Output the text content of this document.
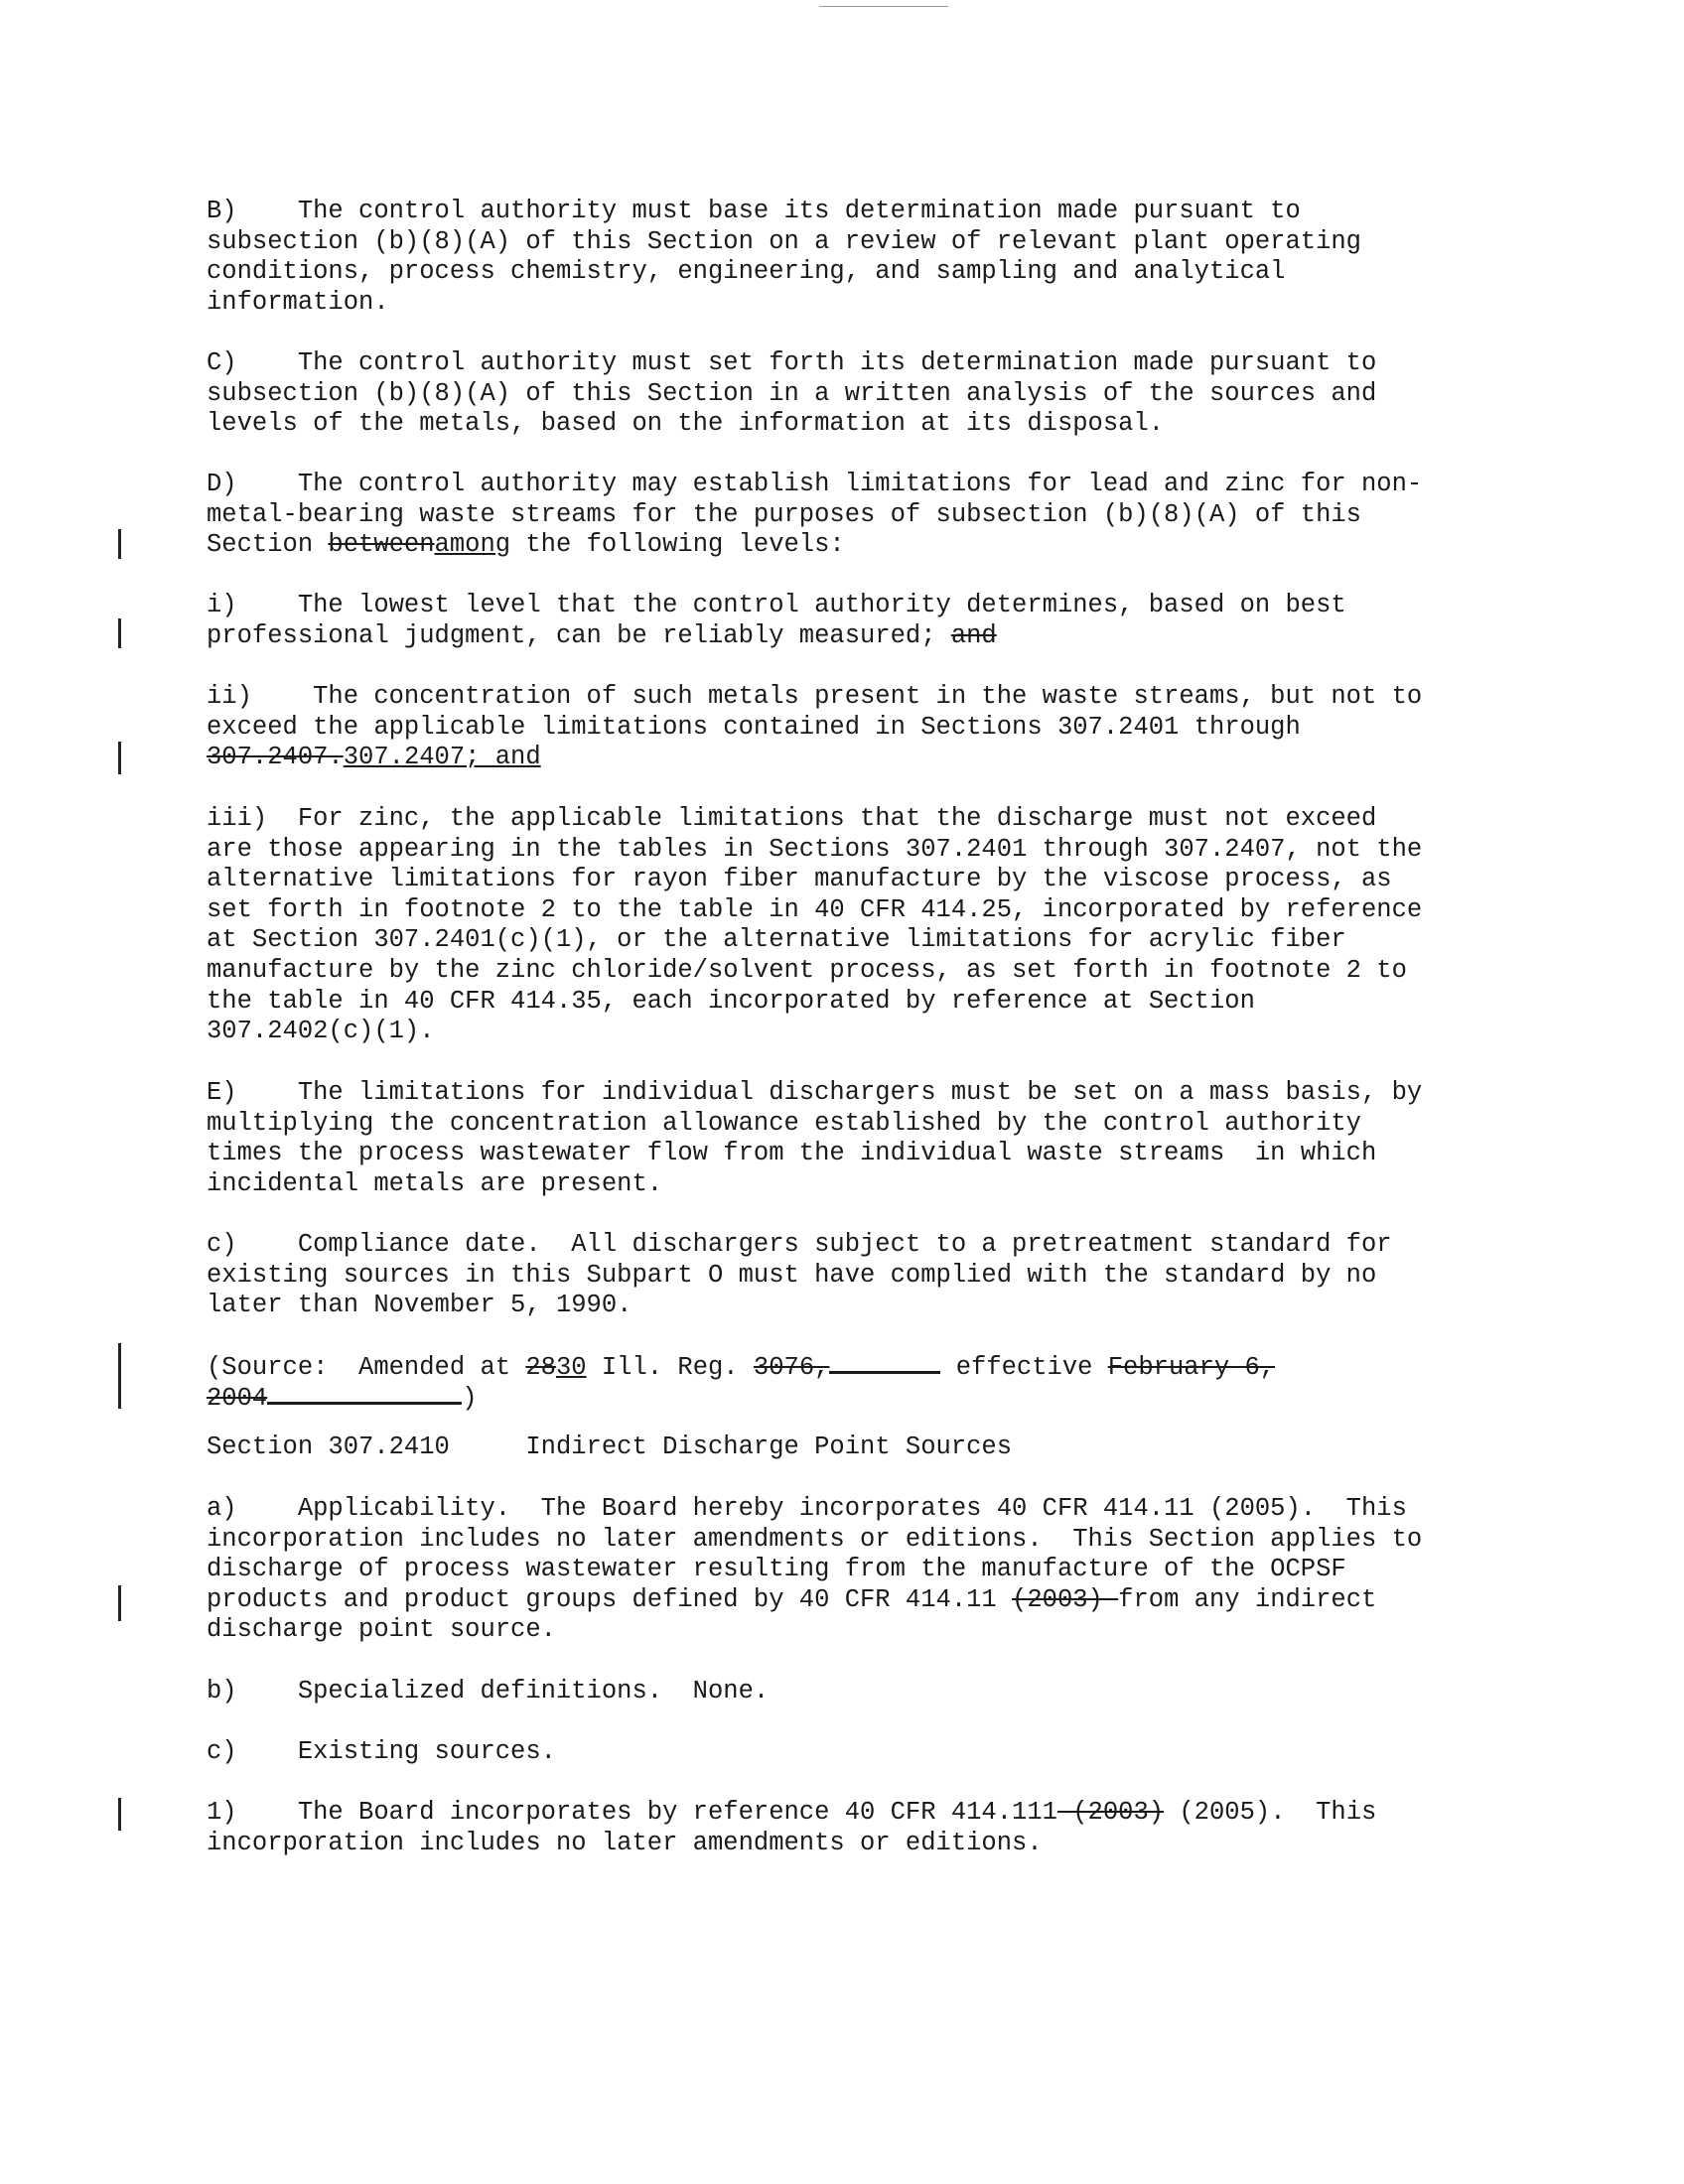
B)    The control authority must base its determination made pursuant to
subsection (b)(8)(A) of this Section on a review of relevant plant operating
conditions, process chemistry, engineering, and sampling and analytical
information.
C)    The control authority must set forth its determination made pursuant to
subsection (b)(8)(A) of this Section in a written analysis of the sources and
levels of the metals, based on the information at its disposal.
D)    The control authority may establish limitations for lead and zinc for non-
metal-bearing waste streams for the purposes of subsection (b)(8)(A) of this
Section betweenamong the following levels:
i)    The lowest level that the control authority determines, based on best
professional judgment, can be reliably measured; and
ii)    The concentration of such metals present in the waste streams, but not to
exceed the applicable limitations contained in Sections 307.2401 through
307.2407.307.2407; and
iii)  For zinc, the applicable limitations that the discharge must not exceed
are those appearing in the tables in Sections 307.2401 through 307.2407, not the
alternative limitations for rayon fiber manufacture by the viscose process, as
set forth in footnote 2 to the table in 40 CFR 414.25, incorporated by reference
at Section 307.2401(c)(1), or the alternative limitations for acrylic fiber
manufacture by the zinc chloride/solvent process, as set forth in footnote 2 to
the table in 40 CFR 414.35, each incorporated by reference at Section
307.2402(c)(1).
E)    The limitations for individual dischargers must be set on a mass basis, by
multiplying the concentration allowance established by the control authority
times the process wastewater flow from the individual waste streams  in which
incidental metals are present.
c)    Compliance date.  All dischargers subject to a pretreatment standard for
existing sources in this Subpart O must have complied with the standard by no
later than November 5, 1990.
(Source:  Amended at 2830 Ill. Reg. 3076,	effective February 6,
2004	)
Section 307.2410     Indirect Discharge Point Sources
a)    Applicability.  The Board hereby incorporates 40 CFR 414.11 (2005).  This
incorporation includes no later amendments or editions.  This Section applies to
discharge of process wastewater resulting from the manufacture of the OCPSF
products and product groups defined by 40 CFR 414.11 (2003) from any indirect
discharge point source.
b)    Specialized definitions.  None.
c)    Existing sources.
1)    The Board incorporates by reference 40 CFR 414.111 (2003) (2005).  This
incorporation includes no later amendments or editions.
